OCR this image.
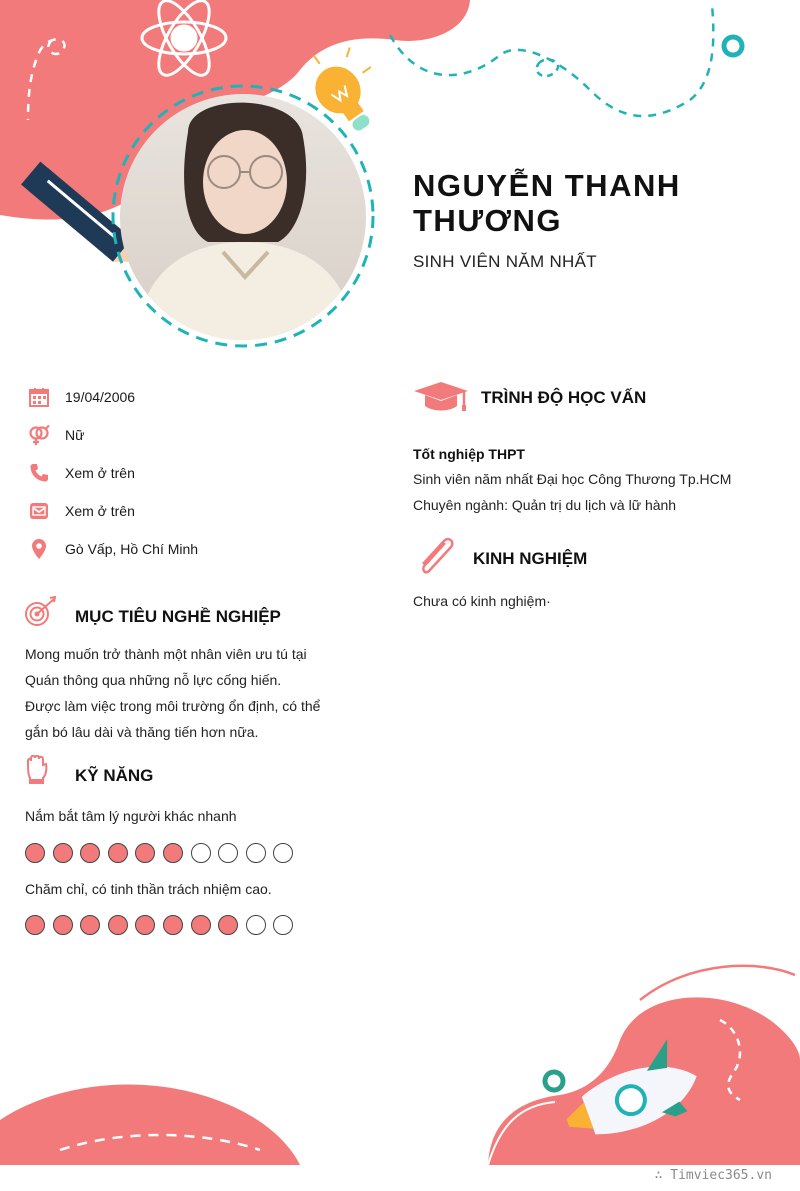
NGUYỄN THANH THƯƠNG
SINH VIÊN NĂM NHẤT
19/04/2006
Nữ
Xem ở trên
Xem ở trên
Gò Vấp, Hồ Chí Minh
MỤC TIÊU NGHỀ NGHIỆP
Mong muốn trở thành một nhân viên ưu tú tại
Quán thông qua những nỗ lực cống hiến.
Được làm việc trong môi trường ổn định, có thể
gắn bó lâu dài và thăng tiến hơn nữa.
KỸ NĂNG
Nắm bắt tâm lý người khác nhanh
Chăm chỉ, có tinh thần trách nhiệm cao.
TRÌNH ĐỘ HỌC VẤN
Tốt nghiệp THPT
Sinh viên năm nhất Đại học Công Thương Tp.HCM
Chuyên ngành: Quản trị du lịch và lữ hành
KINH NGHIỆM
Chưa có kinh nghiệm·
∴ Timviec365.vn
